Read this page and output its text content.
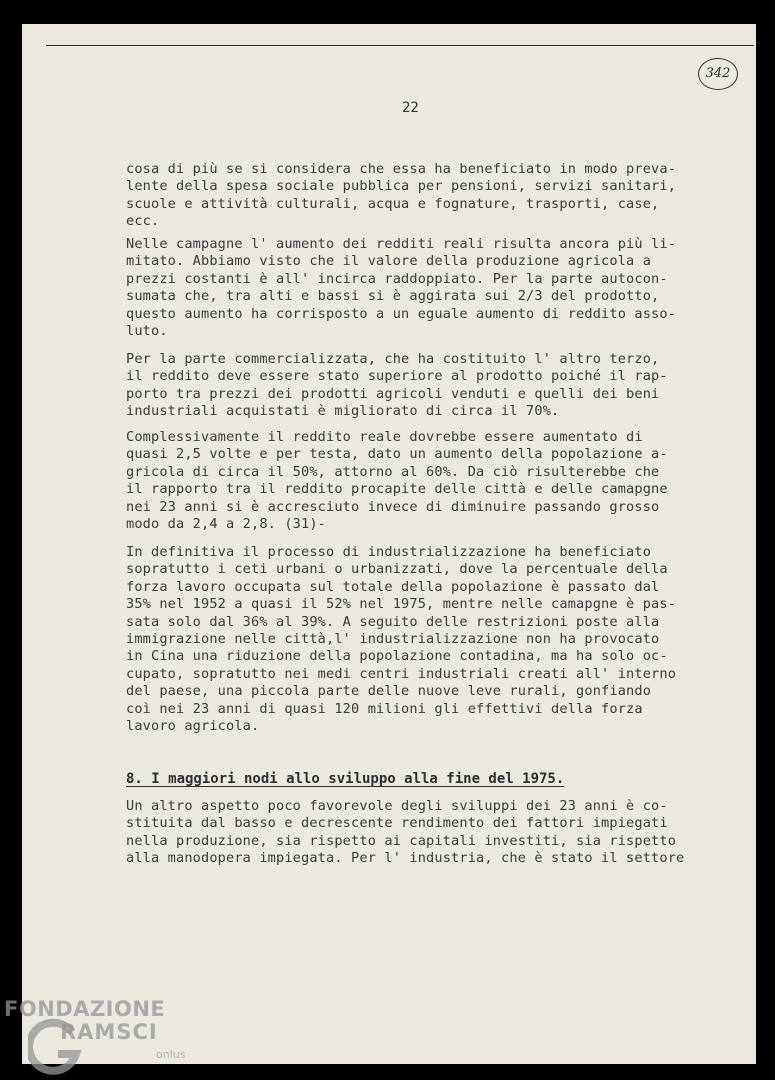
342
22

cosa di più se si considera che essa ha beneficiato in modo preva-
lente della spesa sociale pubblica per pensioni, servizi sanitari,
scuole e attività culturali, acqua e fognature, trasporti, case,
ecc.

Nelle campagne l' aumento dei redditi reali risulta ancora più li-
mitato. Abbiamo visto che il valore della produzione agricola a
prezzi costanti è all' incirca raddoppiato. Per la parte autocon-
sumata che, tra alti e bassi si è aggirata sui 2/3 del prodotto,
questo aumento ha corrisposto a un eguale aumento di reddito asso-
luto.

Per la parte commercializzata, che ha costituito l' altro terzo,
il reddito deve essere stato superiore al prodotto poiché il rap-
porto tra prezzi dei prodotti agricoli venduti e quelli dei beni
industriali acquistati è migliorato di circa il 70%.

Complessivamente il reddito reale dovrebbe essere aumentato di
quasi 2,5 volte e per testa, dato un aumento della popolazione a-
gricola di circa il 50%, attorno al 60%. Da ciò risulterebbe che
il rapporto tra il reddito procapite delle città e delle camapgne
nei 23 anni si è accresciuto invece di diminuire passando grosso
modo da 2,4 a 2,8. (31)-

In definitiva il processo di industrializzazione ha beneficiato
sopratutto i ceti urbani o urbanizzati, dove la percentuale della
forza lavoro occupata sul totale della popolazione è passato dal
35% nel 1952 a quasi il 52% nel 1975, mentre nelle camapgne è pas-
sata solo dal 36% al 39%. A seguito delle restrizioni poste alla
immigrazione nelle città,l' industrializzazione non ha provocato
in Cina una riduzione della popolazione contadina, ma ha solo oc-
cupato, sopratutto nei medi centri industriali creati all' interno
del paese, una piccola parte delle nuove leve rurali, gonfiando
coì nei 23 anni di quasi 120 milioni gli effettivi della forza
lavoro agricola.

8. I maggiori nodi allo sviluppo alla fine del 1975.

Un altro aspetto poco favorevole degli sviluppi dei 23 anni è co-
stituita dal basso e decrescente rendimento dei fattori impiegati
nella produzione, sia rispetto ai capitali investiti, sia rispetto
alla manodopera impiegata. Per l' industria, che è stato il settore

FONDAZIONE
RAMSCI
onlus
